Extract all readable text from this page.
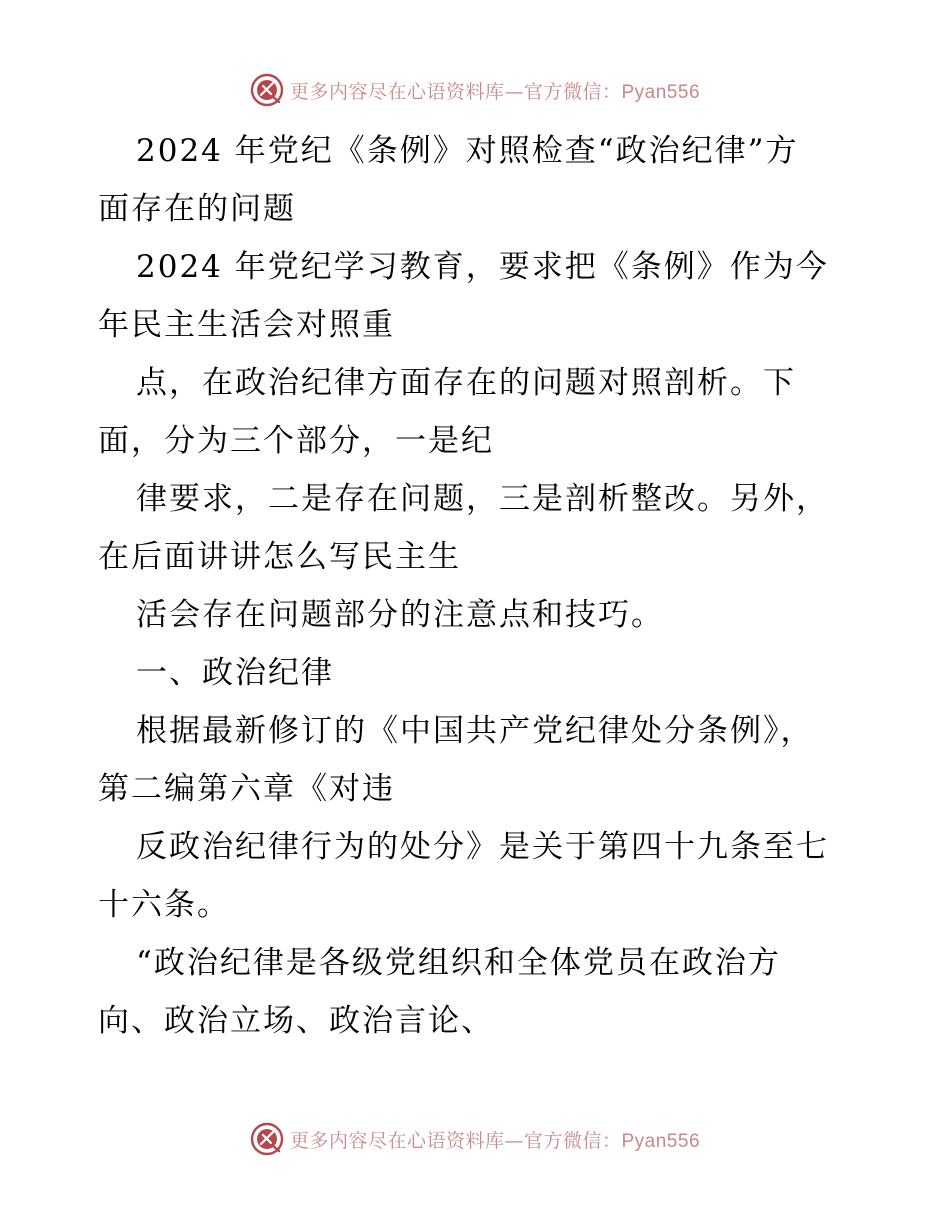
更多内容尽在心语资料库—官方微信：Pyan556
2024 年党纪《条例》对照检查“政治纪律”方
面存在的问题
2024 年党纪学习教育，要求把《条例》作为今
年民主生活会对照重
点，在政治纪律方面存在的问题对照剖析。下
面，分为三个部分，一是纪
律要求，二是存在问题，三是剖析整改。另外，
在后面讲讲怎么写民主生
活会存在问题部分的注意点和技巧。
一、政治纪律
根据最新修订的《中国共产党纪律处分条例》，
第二编第六章《对违
反政治纪律行为的处分》是关于第四十九条至七
十六条。
“政治纪律是各级党组织和全体党员在政治方
向、政治立场、政治言论、
更多内容尽在心语资料库—官方微信：Pyan556
